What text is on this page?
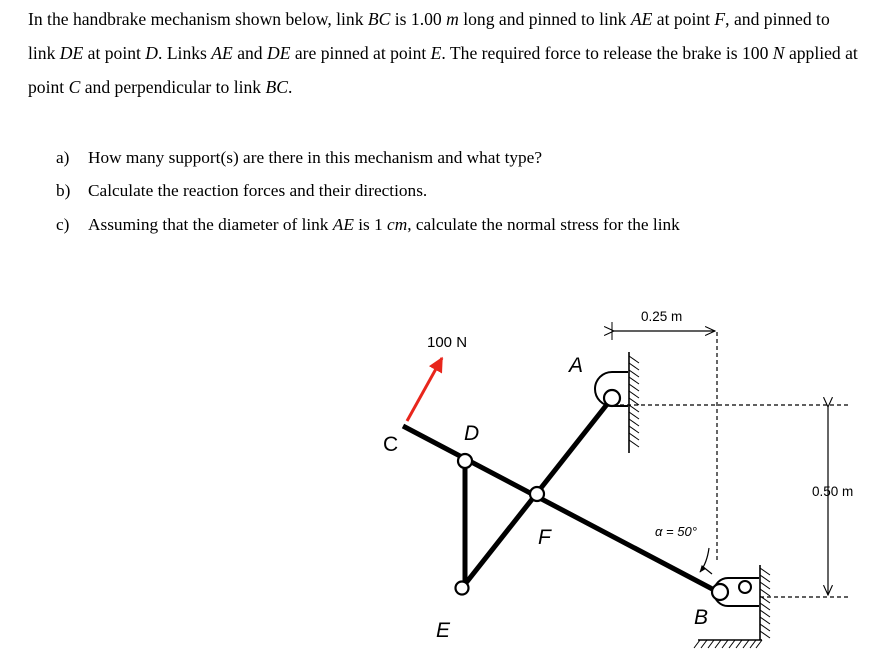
In the handbrake mechanism shown below, link BC is 1.00 m long and pinned to link AE at point F, and pinned to link DE at point D. Links AE and DE are pinned at point E. The required force to release the brake is 100 N applied at point C and perpendicular to link BC.
a) How many support(s) are there in this mechanism and what type?
b) Calculate the reaction forces and their directions.
c) Assuming that the diameter of link AE is 1 cm, calculate the normal stress for the link
100 N
C	D
A
F
E
B
0.25 m
0.50 m
α = 50°
